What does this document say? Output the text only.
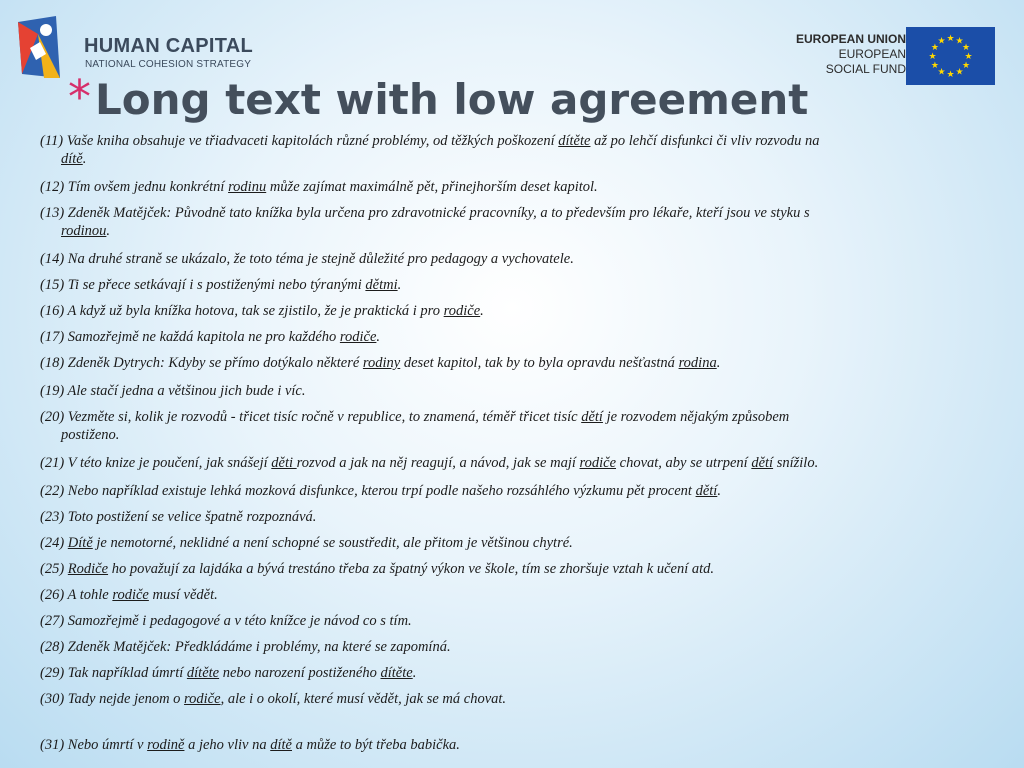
HUMAN CAPITAL
NATIONAL COHESION STRATEGY
EUROPEAN UNION
EUROPEAN
SOCIAL FUND
★ ★
★
★
★
★
★
★
★
★
★
★
* Long text with low agreement
(11) Vaše kniha obsahuje ve třiadvaceti kapitolách různé problémy, od těžkých poškození dítěte až po lehčí disfunkci či vliv rozvodu na
dítě.
(12) Tím ovšem jednu konkrétní rodinu může zajímat maximálně pět, přinejhorším deset kapitol.
(13) Zdeněk Matějček: Původně tato knížka byla určena pro zdravotnické pracovníky, a to především pro lékaře, kteří jsou ve styku s
rodinou.
(14) Na druhé straně se ukázalo, že toto téma je stejně důležité pro pedagogy a vychovatele.
(15) Ti se přece setkávají i s postiženými nebo týranými dětmi.
(16) A když už byla knížka hotova, tak se zjistilo, že je praktická i pro rodiče.
(17) Samozřejmě ne každá kapitola ne pro každého rodiče.
(18) Zdeněk Dytrych: Kdyby se přímo dotýkalo některé rodiny deset kapitol, tak by to byla opravdu nešťastná rodina.
(19) Ale stačí jedna a většinou jich bude i víc.
(20) Vezměte si, kolik je rozvodů - třicet tisíc ročně v republice, to znamená, téměř třicet tisíc dětí je rozvodem nějakým způsobem
postiženo.
(21) V této knize je poučení, jak snášejí děti rozvod a jak na něj reagují, a návod, jak se mají rodiče chovat, aby se utrpení dětí snížilo.
(22) Nebo například existuje lehká mozková disfunkce, kterou trpí podle našeho rozsáhlého výzkumu pět procent dětí.
(23) Toto postižení se velice špatně rozpoznává.
(24) Dítě je nemotorné, neklidné a není schopné se soustředit, ale přitom je většinou chytré.
(25) Rodiče ho považují za lajdáka a bývá trestáno třeba za špatný výkon ve škole, tím se zhoršuje vztah k učení atd.
(26) A tohle rodiče musí vědět.
(27) Samozřejmě i pedagogové a v této knížce je návod co s tím.
(28) Zdeněk Matějček: Předkládáme i problémy, na které se zapomíná.
(29) Tak například úmrtí dítěte nebo narození postiženého dítěte.
(30) Tady nejde jenom o rodiče, ale i o okolí, které musí vědět, jak se má chovat.
(31) Nebo úmrtí v rodině a jeho vliv na dítě a může to být třeba babička.
